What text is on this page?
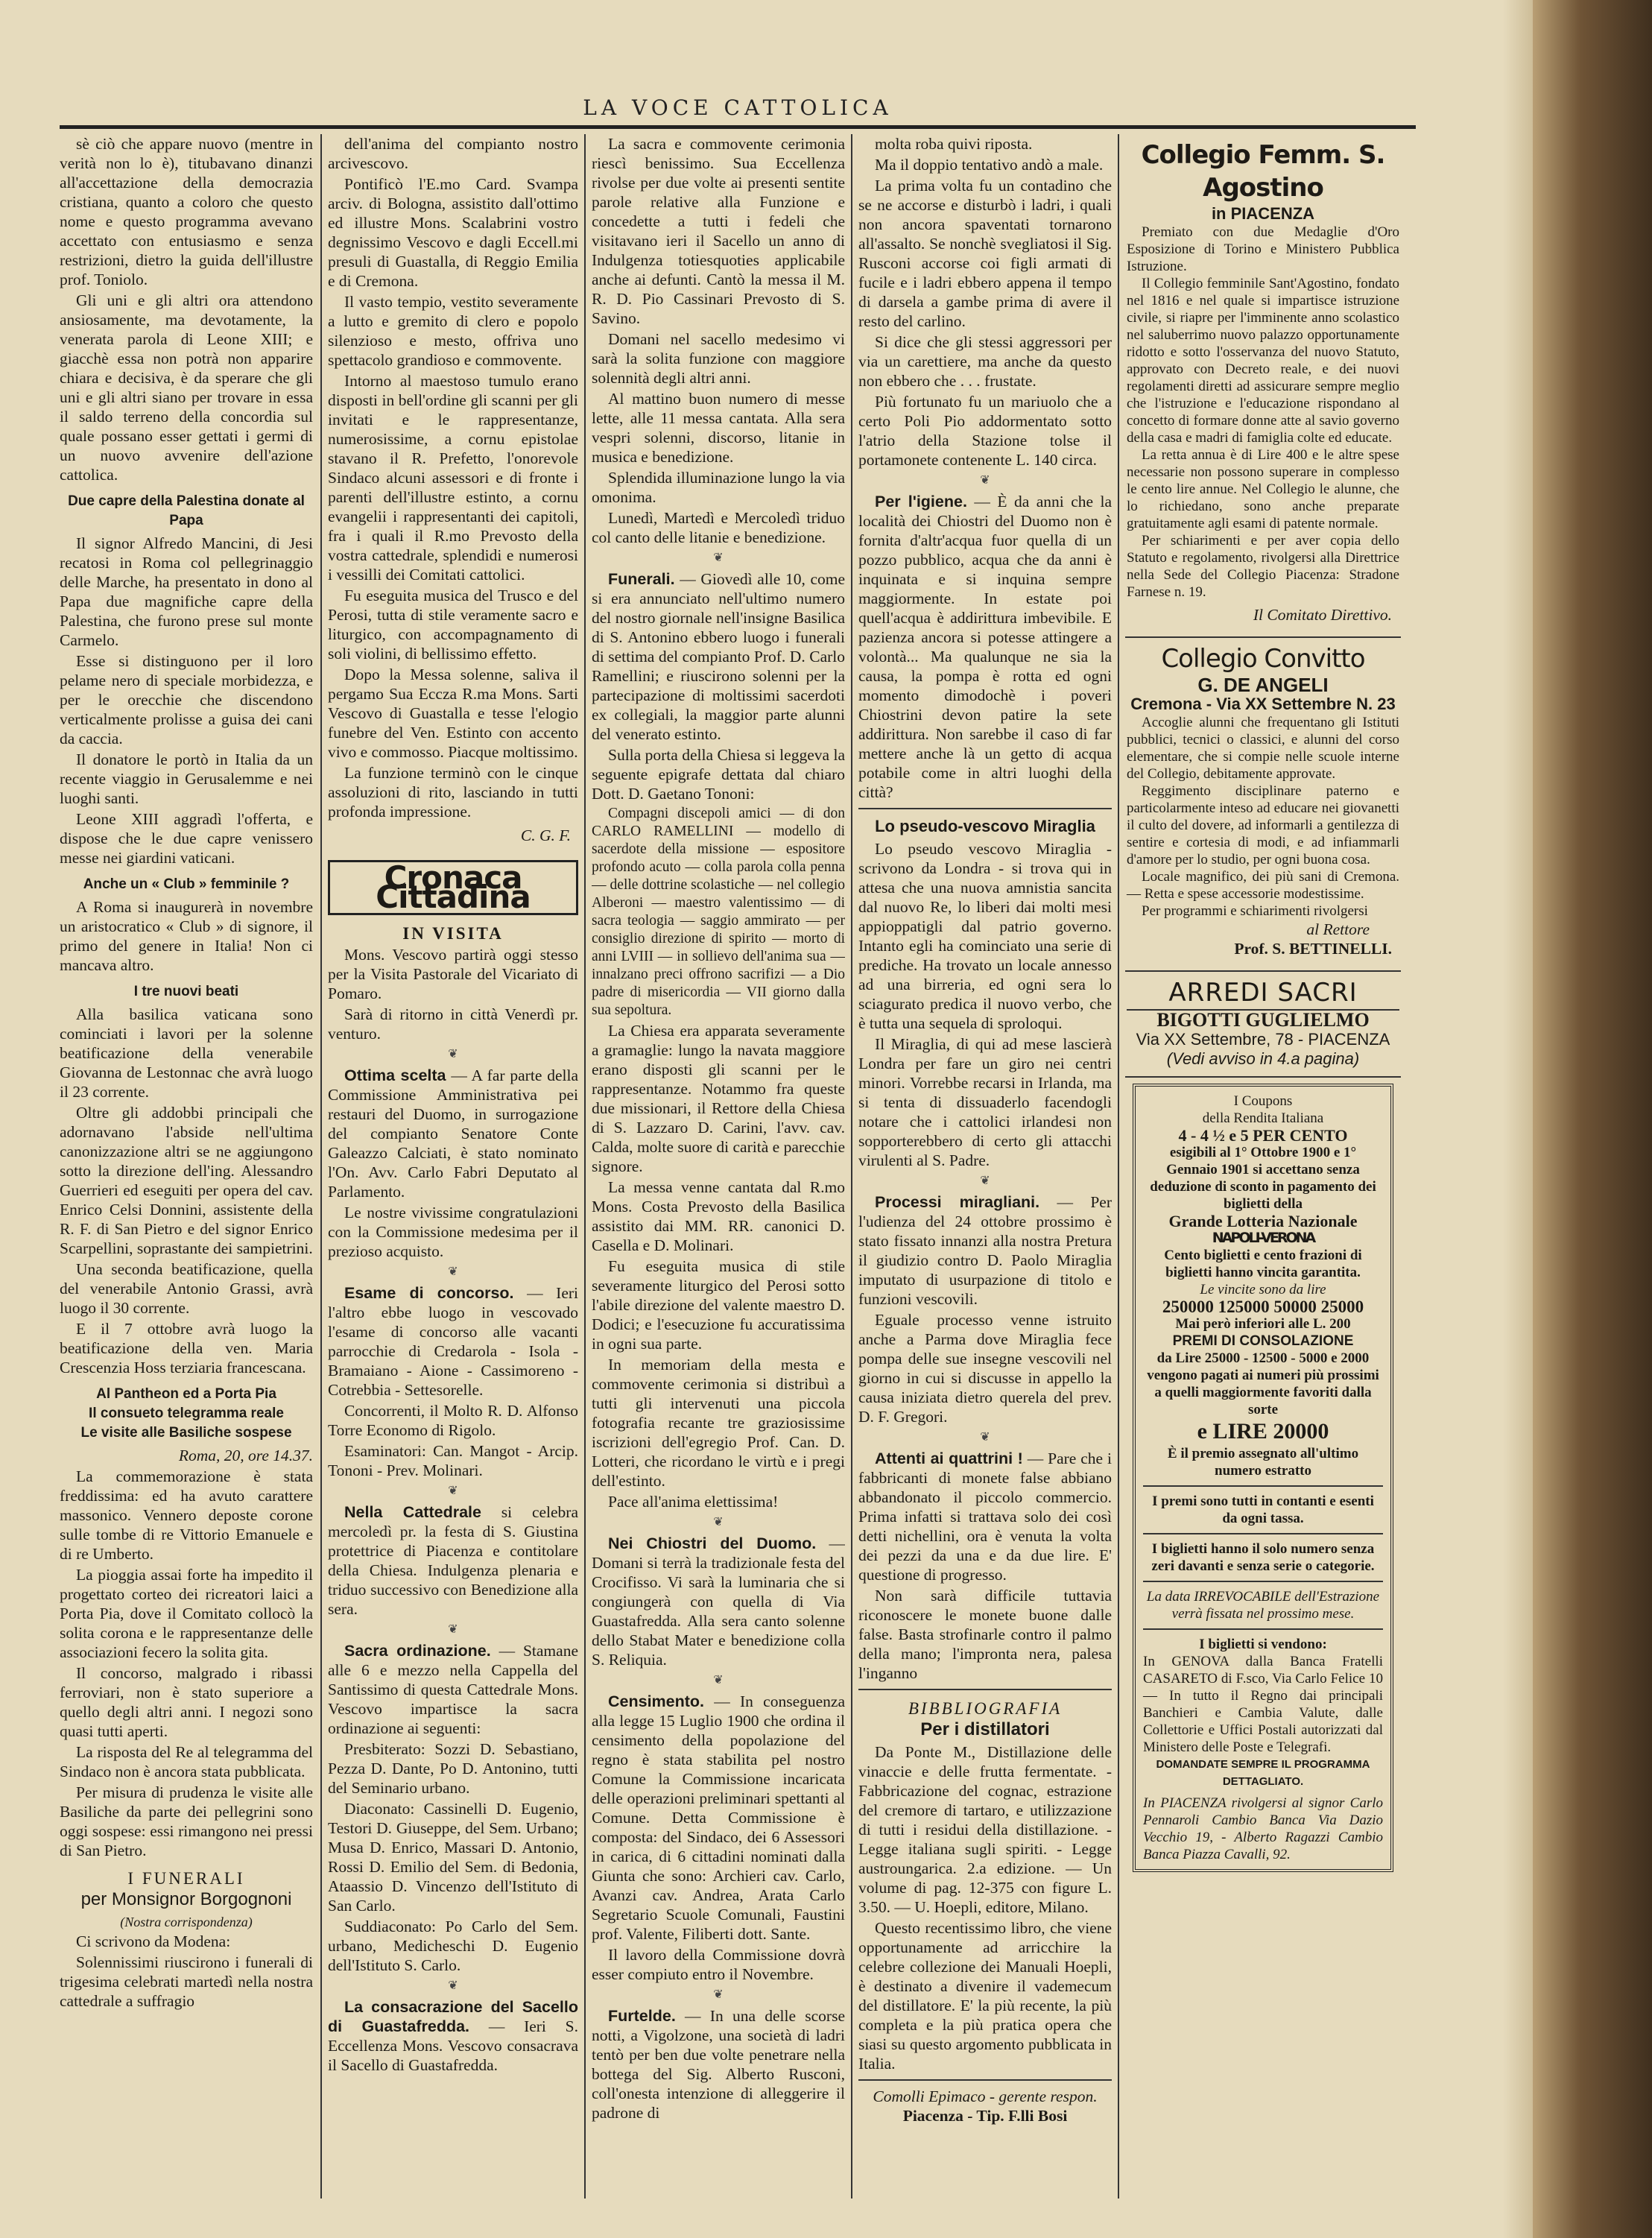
LA VOCE CATTOLICA

sè ciò che appare nuovo (mentre in verità non lo è), titubavano dinanzi all'accettazione della democrazia cristiana, quanto a coloro che questo nome e questo programma avevano accettato con entusiasmo e senza restrizioni, dietro la guida dell'illustre prof. Toniolo.

Gli uni e gli altri ora attendono ansiosamente, ma devotamente, la venerata parola di Leone XIII; e giacchè essa non potrà non apparire chiara e decisiva, è da sperare che gli uni e gli altri siano per trovare in essa il saldo terreno della concordia sul quale possano esser gettati i germi di un nuovo avvenire dell'azione cattolica.

Due capre della Palestina donate al Papa

Il signor Alfredo Mancini, di Jesi recatosi in Roma col pellegrinaggio delle Marche, ha presentato in dono al Papa due magnifiche capre della Palestina, che furono prese sul monte Carmelo.

Esse si distinguono per il loro pelame nero di speciale morbidezza, e per le orecchie che discendono verticalmente prolisse a guisa dei cani da caccia.

Il donatore le portò in Italia da un recente viaggio in Gerusalemme e nei luoghi santi.

Leone XIII aggradì l'offerta, e dispose che le due capre venissero messe nei giardini vaticani.

Anche un « Club » femminile ?

A Roma si inaugurerà in novembre un aristocratico « Club » di signore, il primo del genere in Italia! Non ci mancava altro.

I tre nuovi beati

Alla basilica vaticana sono cominciati i lavori per la solenne beatificazione della venerabile Giovanna de Lestonnac che avrà luogo il 23 corrente.

Oltre gli addobbi principali che adornavano l'abside nell'ultima canonizzazione altri se ne aggiungono sotto la direzione dell'ing. Alessandro Guerrieri ed eseguiti per opera del cav. Enrico Celsi Donnini, assistente della R. F. di San Pietro e del signor Enrico Scarpellini, soprastante dei sampietrini.

Una seconda beatificazione, quella del venerabile Antonio Grassi, avrà luogo il 30 corrente.

E il 7 ottobre avrà luogo la beatificazione della ven. Maria Crescenzia Hoss terziaria francescana.

Al Pantheon ed a Porta Pia
Il consueto telegramma reale
Le visite alle Basiliche sospese

Roma, 20, ore 14.37.

La commemorazione è stata freddissima: ed ha avuto carattere massonico. Vennero deposte corone sulle tombe di re Vittorio Emanuele e di re Umberto.

La pioggia assai forte ha impedito il progettato corteo dei ricreatori laici a Porta Pia, dove il Comitato collocò la solita corona e le rappresentanze delle associazioni fecero la solita gita.

Il concorso, malgrado i ribassi ferroviari, non è stato superiore a quello degli altri anni. I negozi sono quasi tutti aperti.

La risposta del Re al telegramma del Sindaco non è ancora stata pubblicata.

Per misura di prudenza le visite alle Basiliche da parte dei pellegrini sono oggi sospese: essi rimangono nei pressi di San Pietro.

I FUNERALI
per Monsignor Borgognoni
(Nostra corrispondenza)

Ci scrivono da Modena:

Solennissimi riuscirono i funerali di trigesima celebrati martedì nella nostra cattedrale a suffragio

dell'anima del compianto nostro arcivescovo.

Pontificò l'E.mo Card. Svampa arciv. di Bologna, assistito dall'ottimo ed illustre Mons. Scalabrini vostro degnissimo Vescovo e dagli Eccell.mi presuli di Guastalla, di Reggio Emilia e di Cremona.

Il vasto tempio, vestito severamente a lutto e gremito di clero e popolo silenzioso e mesto, offriva uno spettacolo grandioso e commovente.

Intorno al maestoso tumulo erano disposti in bell'ordine gli scanni per gli invitati e le rappresentanze, numerosissime, a cornu epistolae stavano il R. Prefetto, l'onorevole Sindaco alcuni assessori e di fronte i parenti dell'illustre estinto, a cornu evangelii i rappresentanti dei capitoli, fra i quali il R.mo Prevosto della vostra cattedrale, splendidi e numerosi i vessilli dei Comitati cattolici.

Fu eseguita musica del Trusco e del Perosi, tutta di stile veramente sacro e liturgico, con accompagnamento di soli violini, di bellissimo effetto.

Dopo la Messa solenne, saliva il pergamo Sua Eccza R.ma Mons. Sarti Vescovo di Guastalla e tesse l'elogio funebre del Ven. Estinto con accento vivo e commosso. Piacque moltissimo.

La funzione terminò con le cinque assoluzioni di rito, lasciando in tutti profonda impressione.

C. G. F.
Cronaca Cittadina
IN VISITA

Mons. Vescovo partirà oggi stesso per la Visita Pastorale del Vicariato di Pomaro.

Sarà di ritorno in città Venerdì pr. venturo.

❦

Ottima scelta — A far parte della Commissione Amministrativa pei restauri del Duomo, in surrogazione del compianto Senatore Conte Galeazzo Calciati, è stato nominato l'On. Avv. Carlo Fabri Deputato al Parlamento.

Le nostre vivissime congratulazioni con la Commissione medesima per il prezioso acquisto.

❦

Esame di concorso. — Ieri l'altro ebbe luogo in vescovado l'esame di concorso alle vacanti parrocchie di Credarola - Isola - Bramaiano - Aione - Cassimoreno - Cotrebbia - Settesorelle.

Concorrenti, il Molto R. D. Alfonso Torre Economo di Rigolo.

Esaminatori: Can. Mangot - Arcip. Tononi - Prev. Molinari.

❦

Nella Cattedrale si celebra mercoledì pr. la festa di S. Giustina protettrice di Piacenza e contitolare della Chiesa. Indulgenza plenaria e triduo successivo con Benedizione alla sera.

❦

Sacra ordinazione. — Stamane alle 6 e mezzo nella Cappella del Santissimo di questa Cattedrale Mons. Vescovo impartisce la sacra ordinazione ai seguenti:

Presbiterato: Sozzi D. Sebastiano, Pezza D. Dante, Po D. Antonino, tutti del Seminario urbano.

Diaconato: Cassinelli D. Eugenio, Testori D. Giuseppe, del Sem. Urbano; Musa D. Enrico, Massari D. Antonio, Rossi D. Emilio del Sem. di Bedonia, Ataassio D. Vincenzo dell'Istituto di San Carlo.

Suddiaconato: Po Carlo del Sem. urbano, Medicheschi D. Eugenio dell'Istituto S. Carlo.

❦

La consacrazione del Sacello di Guastafredda. — Ieri S. Eccellenza Mons. Vescovo consacrava il Sacello di Guastafredda.

La sacra e commovente cerimonia riescì benissimo. Sua Eccellenza rivolse per due volte ai presenti sentite parole relative alla Funzione e concedette a tutti i fedeli che visitavano ieri il Sacello un anno di Indulgenza totiesquoties applicabile anche ai defunti. Cantò la messa il M. R. D. Pio Cassinari Prevosto di S. Savino.

Domani nel sacello medesimo vi sarà la solita funzione con maggiore solennità degli altri anni.

Al mattino buon numero di messe lette, alle 11 messa cantata. Alla sera vespri solenni, discorso, litanie in musica e benedizione.

Splendida illuminazione lungo la via omonima.

Lunedì, Martedì e Mercoledì triduo col canto delle litanie e benedizione.

❦

Funerali. — Giovedì alle 10, come si era annunciato nell'ultimo numero del nostro giornale nell'insigne Basilica di S. Antonino ebbero luogo i funerali di settima del compianto Prof. D. Carlo Ramellini; e riuscirono solenni per la partecipazione di moltissimi sacerdoti ex collegiali, la maggior parte alunni del venerato estinto.

Sulla porta della Chiesa si leggeva la seguente epigrafe dettata dal chiaro Dott. D. Gaetano Tononi:

Compagni discepoli amici — di don CARLO RAMELLINI — modello di sacerdote della missione — espositore profondo acuto — colla parola colla penna — delle dottrine scolastiche — nel collegio Alberoni — maestro valentissimo — di sacra teologia — saggio ammirato — per consiglio direzione di spirito — morto di anni LVIII — in sollievo dell'anima sua — innalzano preci offrono sacrifizi — a Dio padre di misericordia — VII giorno dalla sua sepoltura.

La Chiesa era apparata severamente a gramaglie: lungo la navata maggiore erano disposti gli scanni per le rappresentanze. Notammo fra queste due missionari, il Rettore della Chiesa di S. Lazzaro D. Carini, l'avv. cav. Calda, molte suore di carità e parecchie signore.

La messa venne cantata dal R.mo Mons. Costa Prevosto della Basilica assistito dai MM. RR. canonici D. Casella e D. Molinari.

Fu eseguita musica di stile severamente liturgico del Perosi sotto l'abile direzione del valente maestro D. Dodici; e l'esecuzione fu accuratissima in ogni sua parte.

In memoriam della mesta e commovente cerimonia si distribuì a tutti gli intervenuti una piccola fotografia recante tre graziosissime iscrizioni dell'egregio Prof. Can. D. Lotteri, che ricordano le virtù e i pregi dell'estinto.

Pace all'anima elettissima!

❦

Nei Chiostri del Duomo. — Domani si terrà la tradizionale festa del Crocifisso. Vi sarà la luminaria che si congiungerà con quella di Via Guastafredda. Alla sera canto solenne dello Stabat Mater e benedizione colla S. Reliquia.

❦

Censimento. — In conseguenza alla legge 15 Luglio 1900 che ordina il censimento della popolazione del regno è stata stabilita pel nostro Comune la Commissione incaricata delle operazioni preliminari spettanti al Comune. Detta Commissione è composta: del Sindaco, dei 6 Assessori in carica, di 6 cittadini nominati dalla Giunta che sono: Archieri cav. Carlo, Avanzi cav. Andrea, Arata Carlo Segretario Scuole Comunali, Faustini prof. Valente, Filiberti dott. Sante.

Il lavoro della Commissione dovrà esser compiuto entro il Novembre.

❦

Furtelde. — In una delle scorse notti, a Vigolzone, una società di ladri tentò per ben due volte penetrare nella bottega del Sig. Alberto Rusconi, coll'onesta intenzione di alleggerire il padrone di

molta roba quivi riposta.

Ma il doppio tentativo andò a male.

La prima volta fu un contadino che se ne accorse e disturbò i ladri, i quali non ancora spaventati tornarono all'assalto. Se nonchè svegliatosi il Sig. Rusconi accorse coi figli armati di fucile e i ladri ebbero appena il tempo di darsela a gambe prima di avere il resto del carlino.

Si dice che gli stessi aggressori per via un carettiere, ma anche da questo non ebbero che . . . frustate.

Più fortunato fu un mariuolo che a certo Poli Pio addormentato sotto l'atrio della Stazione tolse il portamonete contenente L. 140 circa.

❦

Per l'igiene. — È da anni che la località dei Chiostri del Duomo non è fornita d'altr'acqua fuor quella di un pozzo pubblico, acqua che da anni è inquinata e si inquina sempre maggiormente. In estate poi quell'acqua è addirittura imbevibile. E pazienza ancora si potesse attingere a volontà... Ma qualunque ne sia la causa, la pompa è rotta ed ogni momento dimodochè i poveri Chiostrini devon patire la sete addirittura. Non sarebbe il caso di far mettere anche là un getto di acqua potabile come in altri luoghi della città?

Lo pseudo-vescovo Miraglia

Lo pseudo vescovo Miraglia - scrivono da Londra - si trova qui in attesa che una nuova amnistia sancita dal nuovo Re, lo liberi dai molti mesi appioppatigli dal patrio governo. Intanto egli ha cominciato una serie di prediche. Ha trovato un locale annesso ad una birreria, ed ogni sera lo sciagurato predica il nuovo verbo, che è tutta una sequela di sproloqui.

Il Miraglia, di qui ad mese lascierà Londra per fare un giro nei centri minori. Vorrebbe recarsi in Irlanda, ma si tenta di dissuaderlo facendogli notare che i cattolici irlandesi non sopporterebbero di certo gli attacchi virulenti al S. Padre.

❦

Processi miragliani. — Per l'udienza del 24 ottobre prossimo è stato fissato innanzi alla nostra Pretura il giudizio contro D. Paolo Miraglia imputato di usurpazione di titolo e funzioni vescovili.

Eguale processo venne istruito anche a Parma dove Miraglia fece pompa delle sue insegne vescovili nel giorno in cui si discusse in appello la causa iniziata dietro querela del prev. D. F. Gregori.

❦

Attenti ai quattrini ! — Pare che i fabbricanti di monete false abbiano abbandonato il piccolo commercio. Prima infatti si trattava solo dei così detti nichellini, ora è venuta la volta dei pezzi da una e da due lire. E' questione di progresso.

Non sarà difficile tuttavia riconoscere le monete buone dalle false. Basta strofinarle contro il palmo della mano; l'impronta nera, palesa l'inganno

BIBBLIOGRAFIA
Per i distillatori

Da Ponte M., Distillazione delle vinaccie e delle frutta fermentate. - Fabbricazione del cognac, estrazione del cremore di tartaro, e utilizzazione di tutti i residui della distillazione. - Legge italiana sugli spiriti. - Legge austroungarica. 2.a edizione. — Un volume di pag. 12-375 con figure L. 3.50. — U. Hoepli, editore, Milano.

Questo recentissimo libro, che viene opportunamente ad arricchire la celebre collezione dei Manuali Hoepli, è destinato a divenire il vademecum del distillatore. E' la più recente, la più completa e la più pratica opera che siasi su questo argomento pubblicata in Italia.

Comolli Epimaco - gerente respon.
Piacenza - Tip. F.lli Bosi
Collegio Femm. S. Agostino
in PIACENZA

Premiato con due Medaglie d'Oro Esposizione di Torino e Ministero Pubblica Istruzione.

Il Collegio femminile Sant'Agostino, fondato nel 1816 e nel quale si impartisce istruzione civile, si riapre per l'imminente anno scolastico nel saluberrimo nuovo palazzo opportunamente ridotto e sotto l'osservanza del nuovo Statuto, approvato con Decreto reale, e dei nuovi regolamenti diretti ad assicurare sempre meglio che l'istruzione e l'educazione rispondano al concetto di formare donne atte al savio governo della casa e madri di famiglia colte ed educate.

La retta annua è di Lire 400 e le altre spese necessarie non possono superare in complesso le cento lire annue. Nel Collegio le alunne, che lo richiedano, sono anche preparate gratuitamente agli esami di patente normale.

Per schiarimenti e per aver copia dello Statuto e regolamento, rivolgersi alla Direttrice nella Sede del Collegio Piacenza: Stradone Farnese n. 19.

Il Comitato Direttivo.
Collegio Convitto
G. DE ANGELI
Cremona - Via XX Settembre N. 23

Accoglie alunni che frequentano gli Istituti pubblici, tecnici o classici, e alunni del corso elementare, che si compie nelle scuole interne del Collegio, debitamente approvate.

Reggimento disciplinare paterno e particolarmente inteso ad educare nei giovanetti il culto del dovere, ad informarli a gentilezza di sentire e cortesia di modi, e ad infiammarli d'amore per lo studio, per ogni buona cosa.

Locale magnifico, dei più sani di Cremona. — Retta e spese accessorie modestissime.

Per programmi e schiarimenti rivolgersi

al Rettore
Prof. S. BETTINELLI.
ARREDI SACRI
BIGOTTI GUGLIELMO
Via XX Settembre, 78 - PIACENZA
(Vedi avviso in 4.a pagina)

I Coupons

della Rendita Italiana

4 - 4 ½ e 5 PER CENTO

esigibili al 1° Ottobre 1900 e 1° Gennaio 1901 si accettano senza deduzione di sconto in pagamento dei biglietti della

Grande Lotteria Nazionale

NAPOLI-VERONA

Cento biglietti e cento frazioni di biglietti hanno vincita garantita.

Le vincite sono da lire

250000 125000 50000 25000

Mai però inferiori alle L. 200

PREMI DI CONSOLAZIONE

da Lire 25000 - 12500 - 5000 e 2000 vengono pagati ai numeri più prossimi a quelli maggiormente favoriti dalla sorte

e LIRE 20000

È il premio assegnato all'ultimo numero estratto

I premi sono tutti in contanti e esenti da ogni tassa.

I biglietti hanno il solo numero senza zeri davanti e senza serie o categorie.

La data IRREVOCABILE dell'Estrazione verrà fissata nel prossimo mese.

I biglietti si vendono:

In GENOVA dalla Banca Fratelli CASARETO di F.sco, Via Carlo Felice 10 — In tutto il Regno dai principali Banchieri e Cambia Valute, dalle Collettorie e Uffici Postali autorizzati dal Ministero delle Poste e Telegrafi.

DOMANDATE SEMPRE IL PROGRAMMA DETTAGLIATO.

In PIACENZA rivolgersi al signor Carlo Pennaroli Cambio Banca Via Dazio Vecchio 19, - Alberto Ragazzi Cambio Banca Piazza Cavalli, 92.
